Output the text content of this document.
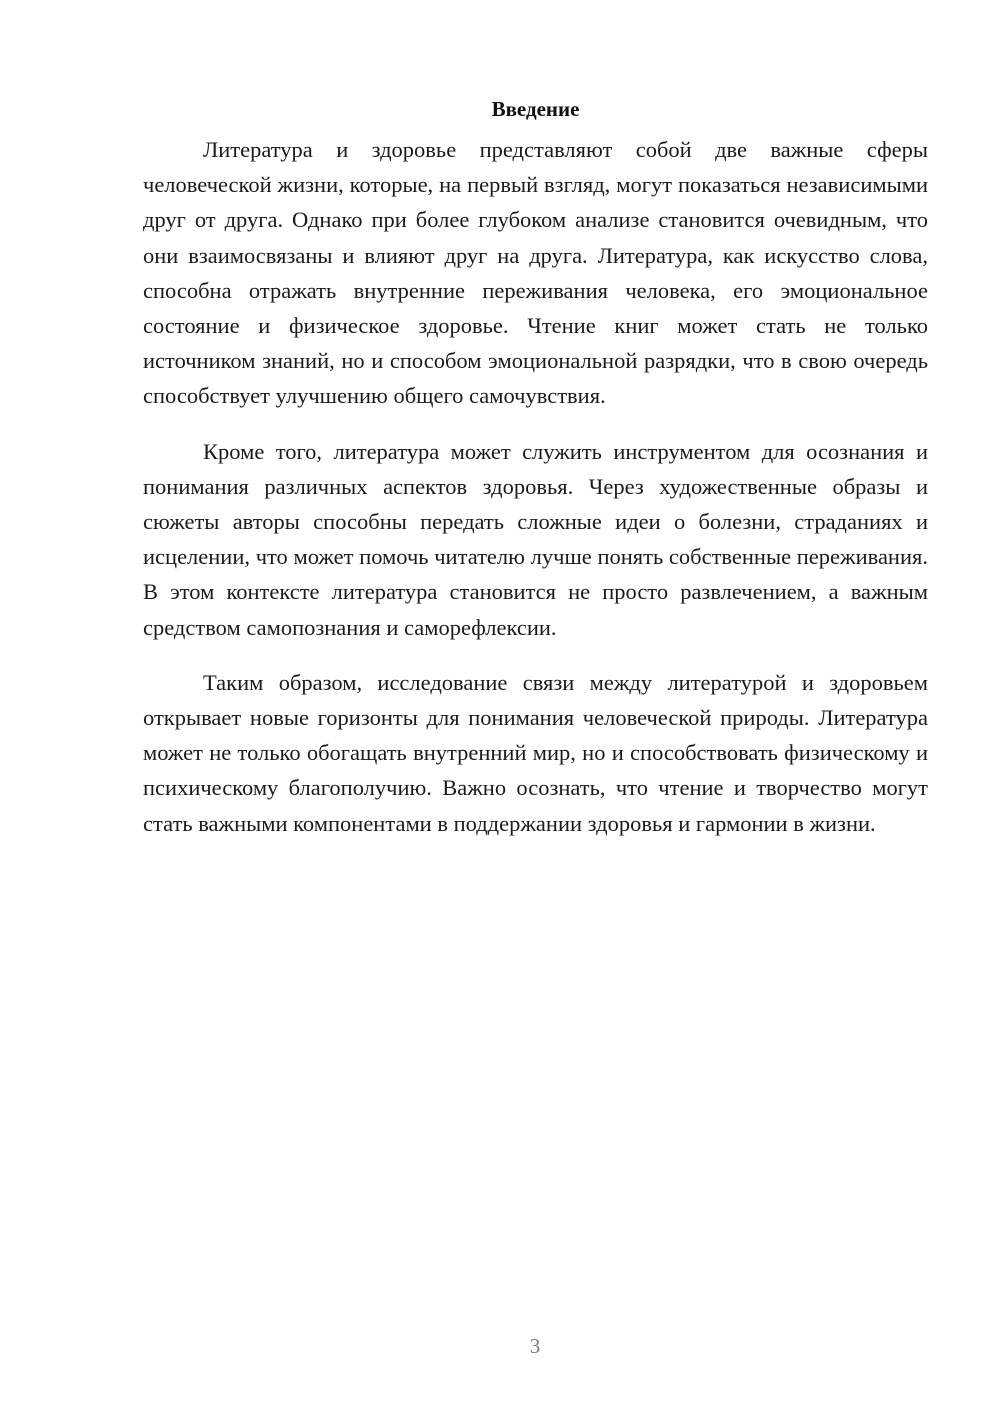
Введение

Литература и здоровье представляют собой две важные сферы человеческой жизни, которые, на первый взгляд, могут показаться независимыми друг от друга. Однако при более глубоком анализе становится очевидным, что они взаимосвязаны и влияют друг на друга. Литература, как искусство слова, способна отражать внутренние переживания человека, его эмоциональное состояние и физическое здоровье. Чтение книг может стать не только источником знаний, но и способом эмоциональной разрядки, что в свою очередь способствует улучшению общего самочувствия.

Кроме того, литература может служить инструментом для осознания и понимания различных аспектов здоровья. Через художественные образы и сюжеты авторы способны передать сложные идеи о болезни, страданиях и исцелении, что может помочь читателю лучше понять собственные переживания. В этом контексте литература становится не просто развлечением, а важным средством самопознания и саморефлексии.

Таким образом, исследование связи между литературой и здоровьем открывает новые горизонты для понимания человеческой природы. Литература может не только обогащать внутренний мир, но и способствовать физическому и психическому благополучию. Важно осознать, что чтение и творчество могут стать важными компонентами в поддержании здоровья и гармонии в жизни.

3
